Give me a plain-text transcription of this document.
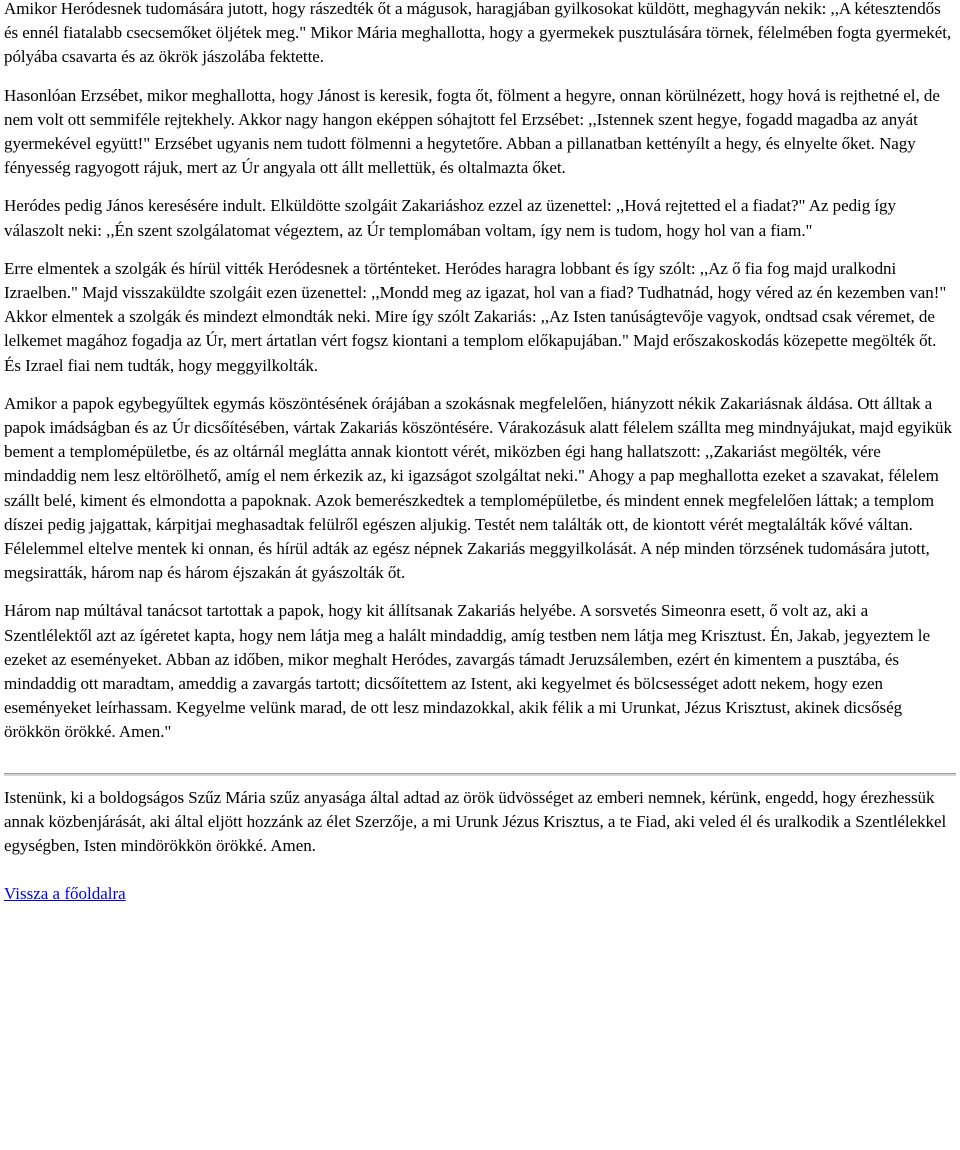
Amikor Heródesnek tudomására jutott, hogy rászedték őt a mágusok, haragjában gyilkosokat küldött, meghagyván nekik: ,,A kétesztendős és ennél fiatalabb csecsemőket öljétek meg." Mikor Mária meghallotta, hogy a gyermekek pusztulására törnek, félelmében fogta gyermekét, pólyába csavarta és az ökrök jászolába fektette.

Hasonlóan Erzsébet, mikor meghallotta, hogy Jánost is keresik, fogta őt, fölment a hegyre, onnan körülnézett, hogy hová is rejthetné el, de nem volt ott semmiféle rejtekhely. Akkor nagy hangon eképpen sóhajtott fel Erzsébet: ,,Istennek szent hegye, fogadd magadba az anyát gyermekével együtt!" Erzsébet ugyanis nem tudott fölmenni a hegytetőre. Abban a pillanatban kettényílt a hegy, és elnyelte őket. Nagy fényesség ragyogott rájuk, mert az Úr angyala ott állt mellettük, és oltalmazta őket.

Heródes pedig János keresésére indult. Elküldötte szolgáit Zakariáshoz ezzel az üzenettel: ,,Hová rejtetted el a fiadat?" Az pedig így válaszolt neki: ,,Én szent szolgálatomat végeztem, az Úr templomában voltam, így nem is tudom, hogy hol van a fiam."

Erre elmentek a szolgák és hírül vitték Heródesnek a történteket. Heródes haragra lobbant és így szólt: ,,Az ő fia fog majd uralkodni Izraelben." Majd visszaküldte szolgáit ezen üzenettel: ,,Mondd meg az igazat, hol van a fiad? Tudhatnád, hogy véred az én kezemben van!" Akkor elmentek a szolgák és mindezt elmondták neki. Mire így szólt Zakariás: ,,Az Isten tanúságtevője vagyok, ondtsad csak véremet, de lelkemet magához fogadja az Úr, mert ártatlan vért fogsz kiontani a templom előkapujában." Majd erőszakoskodás közepette megölték őt. És Izrael fiai nem tudták, hogy meggyilkolták.

Amikor a papok egybegyűltek egymás köszöntésének órájában a szokásnak megfelelően, hiányzott nékik Zakariásnak áldása. Ott álltak a papok imádságban és az Úr dicsőítésében, vártak Zakariás köszöntésére. Várakozásuk alatt félelem szállta meg mindnyájukat, majd egyikük bement a templomépületbe, és az oltárnál meglátta annak kiontott vérét, miközben égi hang hallatszott: ,,Zakariást megölték, vére mindaddig nem lesz eltörölhető, amíg el nem érkezik az, ki igazságot szolgáltat neki." Ahogy a pap meghallotta ezeket a szavakat, félelem szállt belé, kiment és elmondotta a papoknak. Azok bemerészkedtek a templomépületbe, és mindent ennek megfelelően láttak; a templom díszei pedig jajgattak, kárpitjai meghasadtak felülről egészen aljukig. Testét nem találták ott, de kiontott vérét megtalálták kővé váltan. Félelemmel eltelve mentek ki onnan, és hírül adták az egész népnek Zakariás meggyilkolását. A nép minden törzsének tudomására jutott, megsiratták, három nap és három éjszakán át gyászolták őt.

Három nap múltával tanácsot tartottak a papok, hogy kit állítsanak Zakariás helyébe. A sorsvetés Simeonra esett, ő volt az, aki a Szentlélektől azt az ígéretet kapta, hogy nem látja meg a halált mindaddig, amíg testben nem látja meg Krisztust. Én, Jakab, jegyeztem le ezeket az eseményeket. Abban az időben, mikor meghalt Heródes, zavargás támadt Jeruzsálemben, ezért én kimentem a pusztába, és mindaddig ott maradtam, ameddig a zavargás tartott; dicsőítettem az Istent, aki kegyelmet és bölcsességet adott nekem, hogy ezen eseményeket leírhassam. Kegyelme velünk marad, de ott lesz mindazokkal, akik félik a mi Urunkat, Jézus Krisztust, akinek dicsőség örökkön örökké. Amen."

Istenünk, ki a boldogságos Szűz Mária szűz anyasága által adtad az örök üdvösséget az emberi nemnek, kérünk, engedd, hogy érezhessük annak közbenjárását, aki által eljött hozzánk az élet Szerzője, a mi Urunk Jézus Krisztus, a te Fiad, aki veled él és uralkodik a Szentlélekkel egységben, Isten mindörökkön örökké. Amen.

Vissza a főoldalra
